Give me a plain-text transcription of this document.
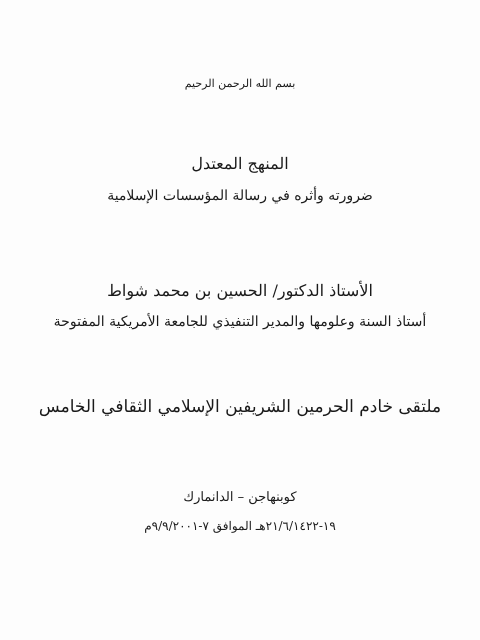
بسم الله الرحمن الرحيم
المنهج المعتدل
ضرورته وأثره في رسالة المؤسسات الإسلامية
الأستاذ الدكتور/ الحسين بن محمد شواط
أستاذ السنة وعلومها والمدير التنفيذي للجامعة الأمريكية المفتوحة
ملتقى خادم الحرمين الشريفين الإسلامي الثقافي الخامس
كوبنهاجن – الدانمارك
١٩-٢١/٦/١٤٢٢هـ الموافق ٧-٩/٩/٢٠٠١م
